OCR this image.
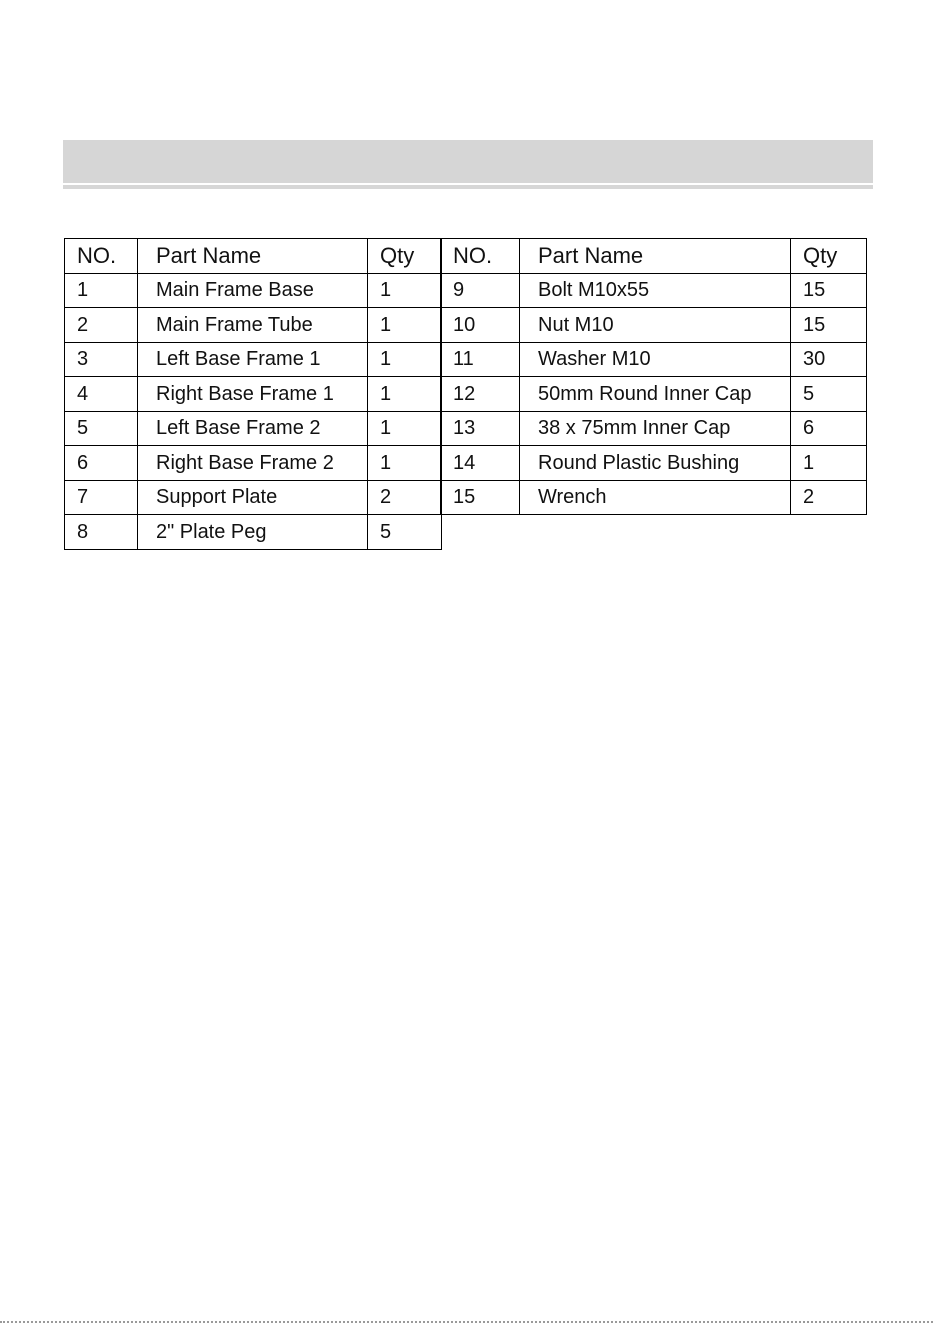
NO.	Part Name	Qty
1	Main Frame Base	1
2	Main Frame Tube	1
3	Left Base Frame 1	1
4	Right Base Frame 1	1
5	Left Base Frame 2	1
6	Right Base Frame 2	1
7	Support Plate	2
8	2" Plate Peg	5
NO.	Part Name	Qty
9	Bolt M10x55	15
10	Nut M10	15
11	Washer M10	30
12	50mm Round Inner Cap	5
13	38 x 75mm Inner Cap	6
14	Round Plastic Bushing	1
15	Wrench	2
